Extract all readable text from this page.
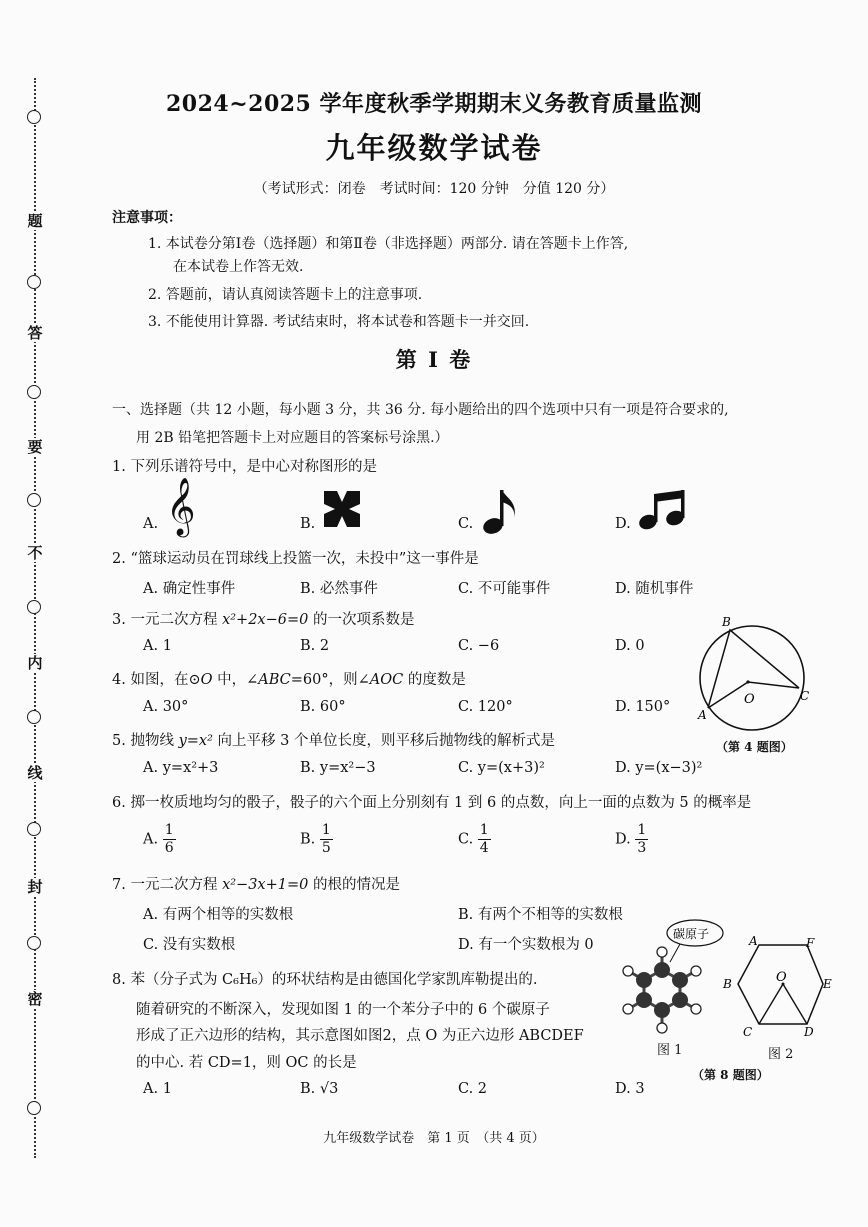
题
答
要
不
内
线
封
密
2024~2025 学年度秋季学期期末义务教育质量监测
九年级数学试卷
（考试形式：闭卷　考试时间：120 分钟　分值 120 分）
注意事项：
1. 本试卷分第Ⅰ卷（选择题）和第Ⅱ卷（非选择题）两部分. 请在答题卡上作答,
在本试卷上作答无效.
2. 答题前，请认真阅读答题卡上的注意事项.
3. 不能使用计算器. 考试结束时，将本试卷和答题卡一并交回.
第 I 卷
一、选择题（共 12 小题，每小题 3 分，共 36 分. 每小题给出的四个选项中只有一项是符合要求的,
用 2B 铅笔把答题卡上对应题目的答案标号涂黑.）
1. 下列乐谱符号中，是中心对称图形的是
A. 𝄞	B.	C.	D.
2. “篮球运动员在罚球线上投篮一次，未投中”这一事件是
A. 确定性事件	B. 必然事件	C. 不可能事件	D. 随机事件
3. 一元二次方程 x²+2x−6=0 的一次项系数是
A. 1	B. 2	C. −6	D. 0
4. 如图，在⊙O 中，∠ABC=60°，则∠AOC 的度数是
A. 30°	B. 60°	C. 120°	D. 150°
B
O	C
A
（第 4 题图）
5. 抛物线 y=x² 向上平移 3 个单位长度，则平移后抛物线的解析式是
A. y=x²+3	B. y=x²−3	C. y=(x+3)²	D. y=(x−3)²
6. 掷一枚质地均匀的骰子，骰子的六个面上分别刻有 1 到 6 的点数，向上一面的点数为 5 的概率是
A. $\frac{1}{6}$	B. $\frac{1}{5}$	C. $\frac{1}{4}$	D. $\frac{1}{3}$
7. 一元二次方程 x²−3x+1=0 的根的情况是
A. 有两个相等的实数根	B. 有两个不相等的实数根
C. 没有实数根	D. 有一个实数根为 0
8. 苯（分子式为 C₆H₆）的环状结构是由德国化学家凯库勒提出的.
随着研究的不断深入，发现如图 1 的一个苯分子中的 6 个碳原子
形成了正六边形的结构，其示意图如图2，点 O 为正六边形 ABCDEF
的中心. 若 CD=1，则 OC 的长是
A. 1	B. √3	C. 2	D. 3
碳原子
图 1
A	F
B	E
C	D
O
图 2
（第 8 题图）
九年级数学试卷　第 1 页　（共 4 页）
